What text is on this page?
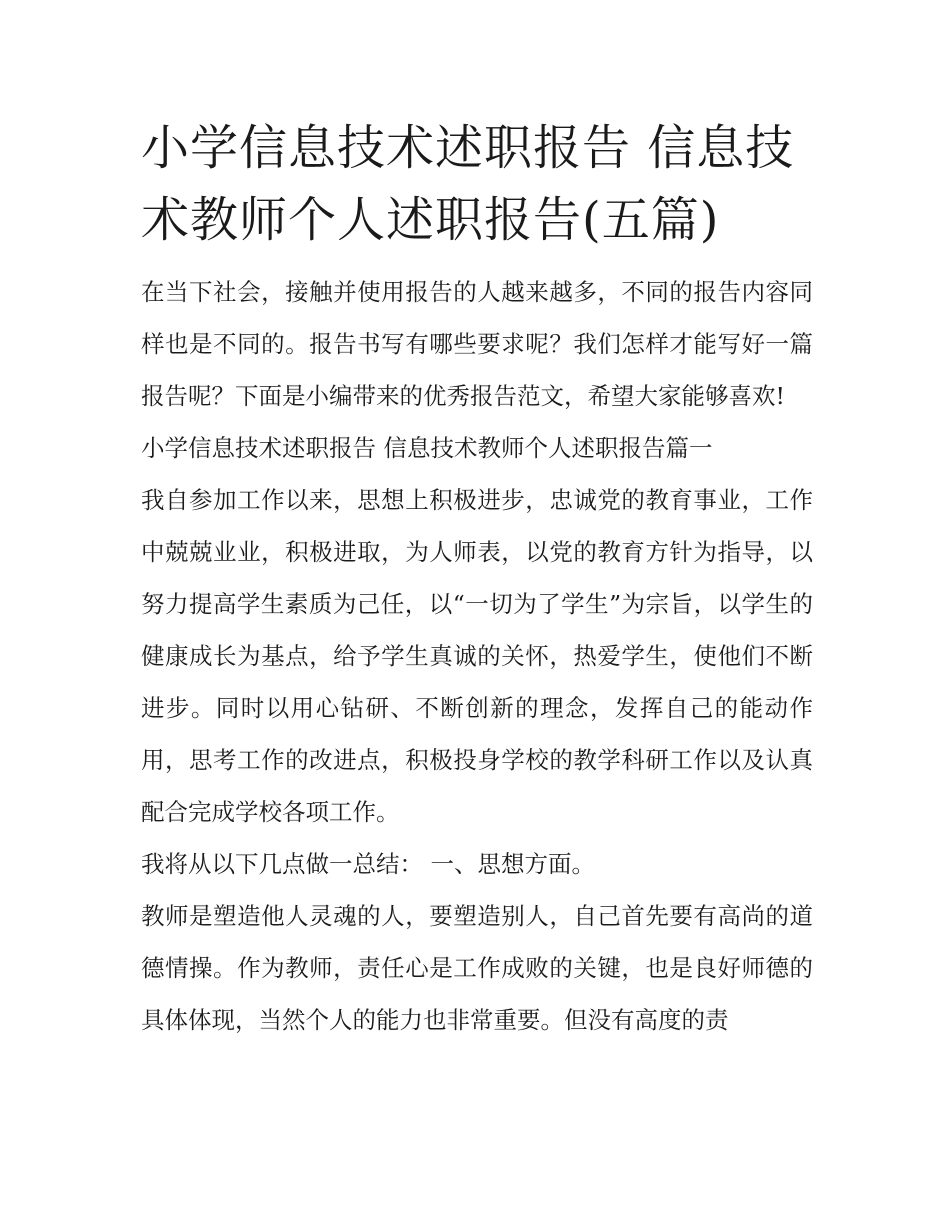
小学信息技术述职报告 信息技术教师个人述职报告(五篇)

在当下社会，接触并使用报告的人越来越多，不同的报告内容同样也是不同的。报告书写有哪些要求呢？我们怎样才能写好一篇报告呢？下面是小编带来的优秀报告范文，希望大家能够喜欢!

小学信息技术述职报告 信息技术教师个人述职报告篇一

我自参加工作以来，思想上积极进步，忠诚党的教育事业，工作中兢兢业业，积极进取，为人师表，以党的教育方针为指导，以努力提高学生素质为己任，以“一切为了学生”为宗旨，以学生的健康成长为基点，给予学生真诚的关怀，热爱学生，使他们不断进步。同时以用心钻研、不断创新的理念，发挥自己的能动作用，思考工作的改进点，积极投身学校的教学科研工作以及认真配合完成学校各项工作。

我将从以下几点做一总结： 一、思想方面。

教师是塑造他人灵魂的人，要塑造别人，自己首先要有高尚的道德情操。作为教师，责任心是工作成败的关键，也是良好师德的具体体现，当然个人的能力也非常重要。但没有高度的责
